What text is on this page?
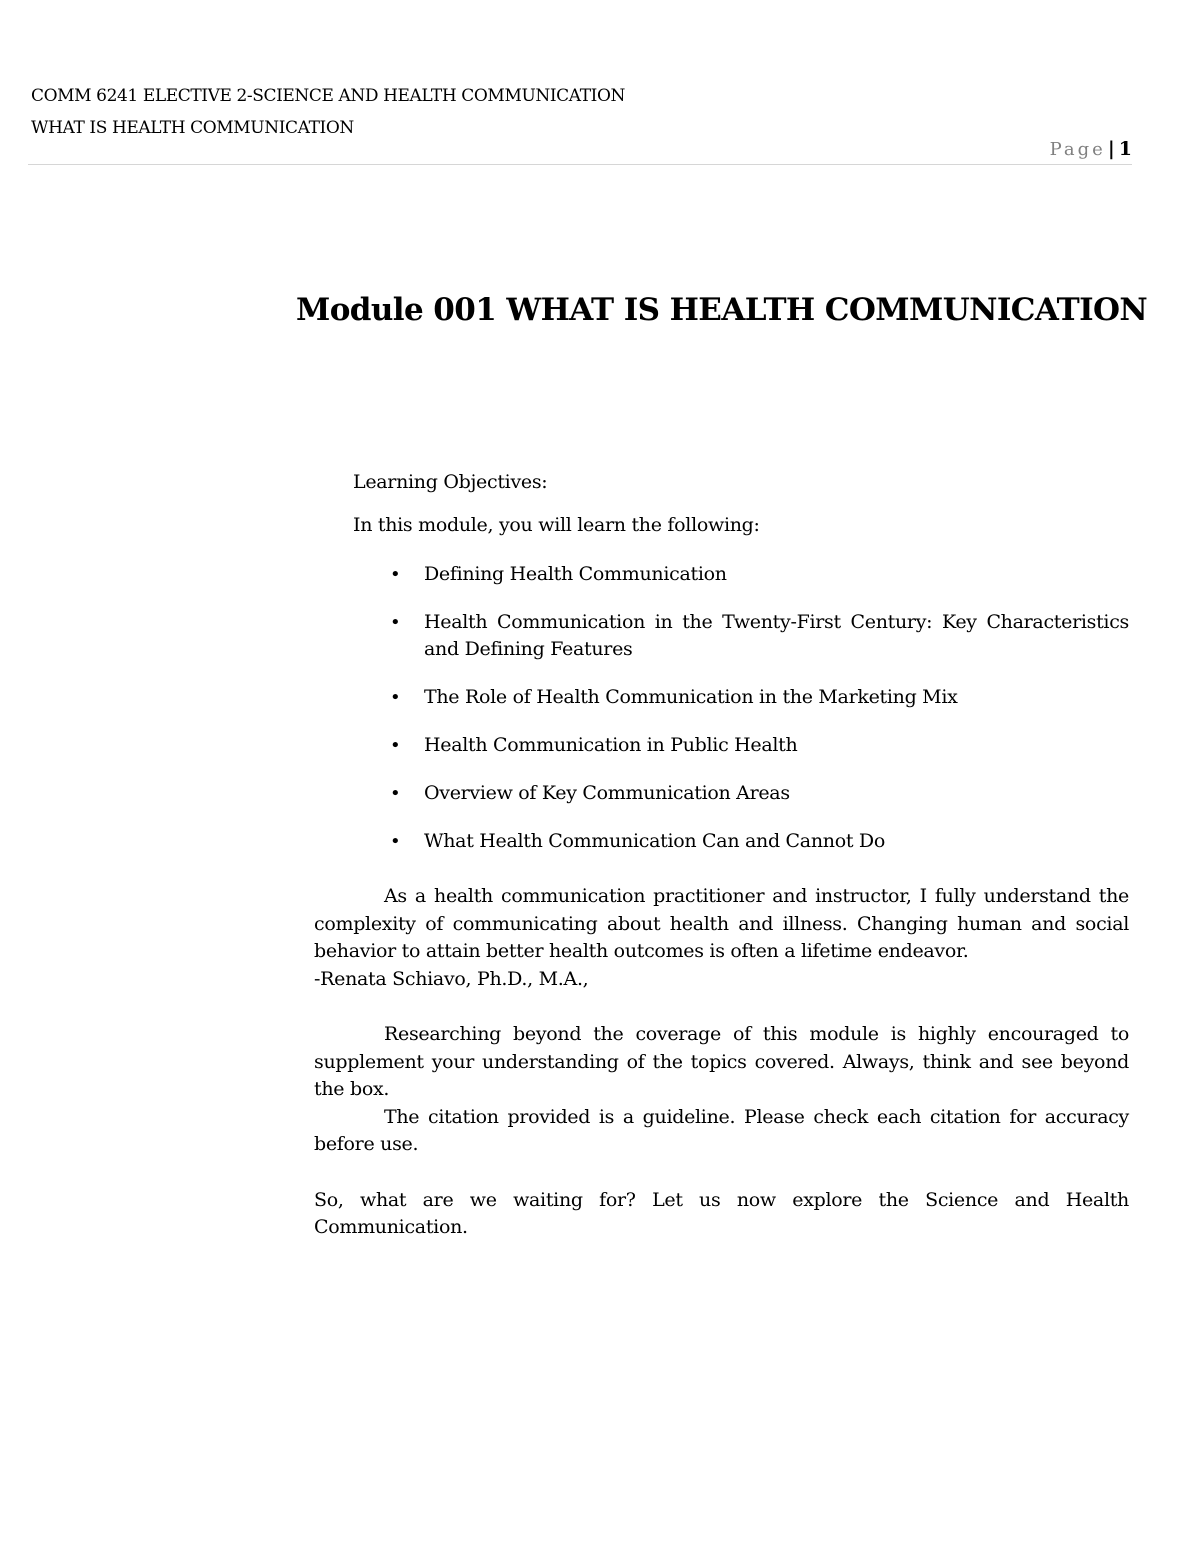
COMM 6241 ELECTIVE 2-SCIENCE AND HEALTH COMMUNICATION
WHAT IS HEALTH COMMUNICATION
Page | 1
Module 001 WHAT IS HEALTH COMMUNICATION

Learning Objectives:

In this module, you will learn the following:

• Defining Health Communication
• Health Communication in the Twenty-First Century: Key Characteristics and Defining Features
• The Role of Health Communication in the Marketing Mix
• Health Communication in Public Health
• Overview of Key Communication Areas
• What Health Communication Can and Cannot Do

As a health communication practitioner and instructor, I fully understand the complexity of communicating about health and illness. Changing human and social behavior to attain better health outcomes is often a lifetime endeavor.

-Renata Schiavo, Ph.D., M.A.,

Researching beyond the coverage of this module is highly encouraged to supplement your understanding of the topics covered. Always, think and see beyond the box.

The citation provided is a guideline. Please check each citation for accuracy before use.

So, what are we waiting for? Let us now explore the Science and Health Communication.
